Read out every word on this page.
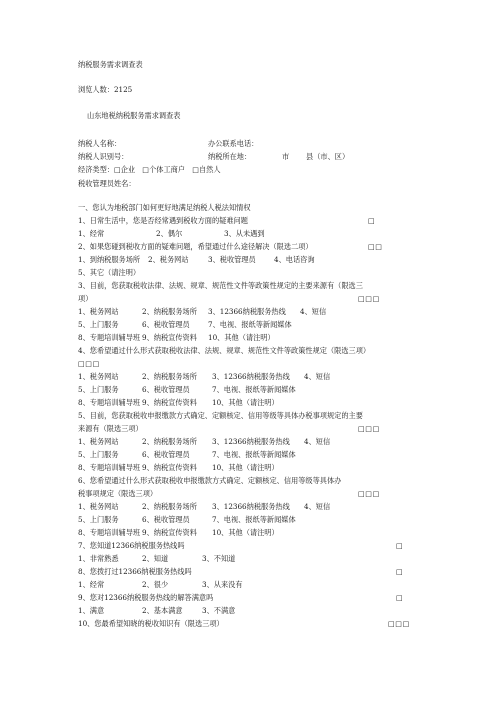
纳税服务需求调查表
浏览人数：2125
山东地税纳税服务需求调查表
纳税人名称：	办公联系电话：
纳税人识别号：	纳税所在地：	市 县（市、区）
经济类型：□企业　□个体工商户　□自然人
税收管理员姓名：
一、您认为地税部门如何更好地满足纳税人税法知情权
1、日常生活中，您是否经常遇到税收方面的疑难问题	□
1、经常	2、偶尔	3、从未遇到
2、如果您碰到税收方面的疑难问题，希望通过什么途径解决（限选二项）	□□
1、到纳税服务场所 2、税务网站	3、税收管理员	4、电话咨询
5、其它（请注明）
3、目前，您获取税收法律、法规、规章、规范性文件等政策性规定的主要来源有（限选三
项）	□□□
1、税务网站	2、纳税服务场所 3、12366纳税服务热线 4、短信
5、上门服务	6、税收管理员	7、电视、报纸等新闻媒体
8、专题培训辅导班 9、纳税宣传资料 10、其他（请注明）
4、您希望通过什么形式获取税收法律、法规、规章、规范性文件等政策性规定（限选三项）
□□□
1、税务网站	2、纳税服务场所 3、12366纳税服务热线 4、短信
5、上门服务	6、税收管理员	7、电视、报纸等新闻媒体
8、专题培训辅导班 9、纳税宣传资料 10、其他（请注明）
5、目前，您获取税收申报缴款方式确定、定额核定、信用等级等具体办税事项规定的主要
来源有（限选三项）	□□□
1、税务网站	2、纳税服务场所 3、12366纳税服务热线 4、短信
5、上门服务	6、税收管理员	7、电视、报纸等新闻媒体
8、专题培训辅导班 9、纳税宣传资料 10、其他（请注明）
6、您希望通过什么形式获取税收申报缴款方式确定、定额核定、信用等级等具体办
税事项规定（限选三项）	□□□
1、税务网站	2、纳税服务场所 3、12366纳税服务热线 4、短信
5、上门服务	6、税收管理员	7、电视、报纸等新闻媒体
8、专题培训辅导班 9、纳税宣传资料 10、其他（请注明）
7、您知道12366纳税服务热线吗	□
1、非常熟悉	2、知道	3、不知道
8、您拨打过12366纳税服务热线吗	□
1、经常	2、很少	3、从来没有
9、您对12366纳税服务热线的解答满意吗	□
1、满意	2、基本满意	3、不满意
10、您最希望知晓的税收知识有（限选三项）	□□□
